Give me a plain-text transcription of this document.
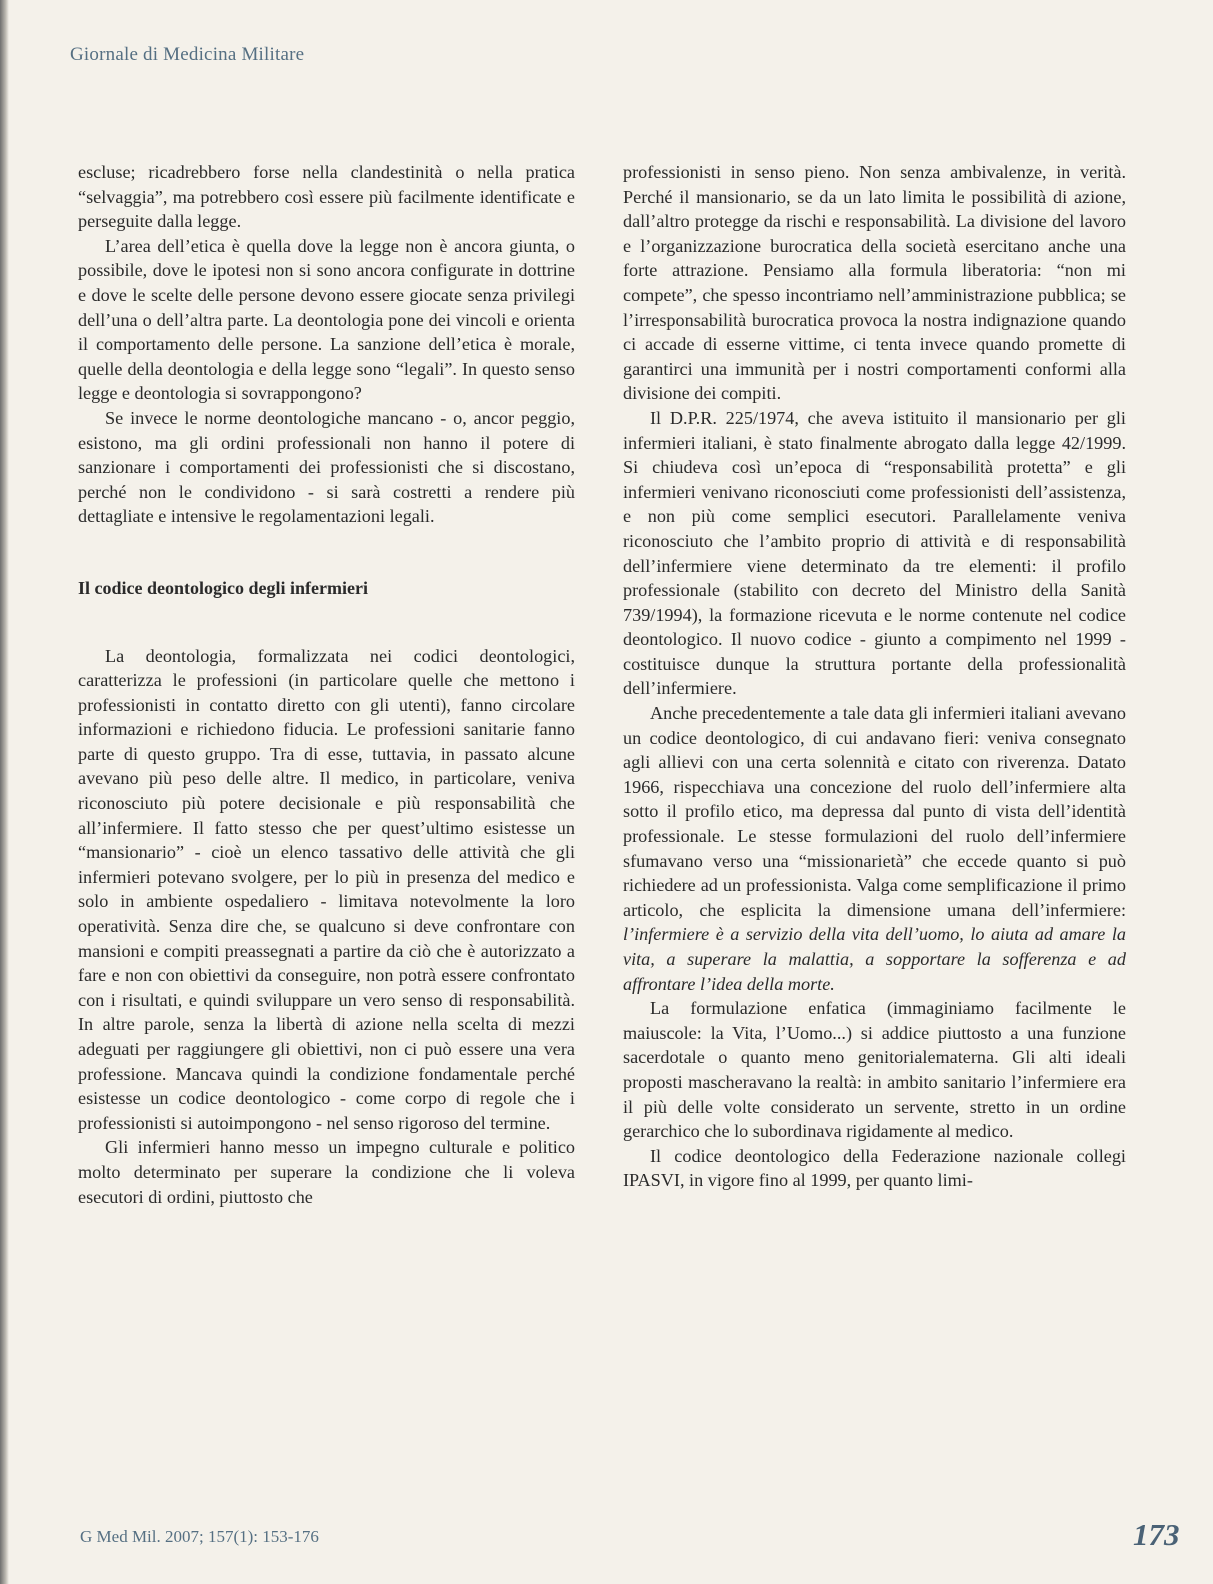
Giornale di Medicina Militare

escluse; ricadrebbero forse nella clandestinità o nella pratica “selvaggia”, ma potrebbero così essere più facilmente identificate e perseguite dalla legge.

L’area dell’etica è quella dove la legge non è ancora giunta, o possibile, dove le ipotesi non si sono ancora configurate in dottrine e dove le scelte delle persone devono essere giocate senza privilegi dell’una o dell’altra parte. La deontologia pone dei vincoli e orienta il comportamento delle persone. La sanzione dell’etica è morale, quelle della deontologia e della legge sono “legali”. In questo senso legge e deontologia si sovrappongono?

Se invece le norme deontologiche mancano - o, ancor peggio, esistono, ma gli ordini professionali non hanno il potere di sanzionare i comportamenti dei professionisti che si discostano, perché non le condividono - si sarà costretti a rendere più dettagliate e intensive le regolamentazioni legali.

Il codice deontologico degli infermieri

La deontologia, formalizzata nei codici deontologici, caratterizza le professioni (in particolare quelle che mettono i professionisti in contatto diretto con gli utenti), fanno circolare informazioni e richiedono fiducia. Le professioni sanitarie fanno parte di questo gruppo. Tra di esse, tuttavia, in passato alcune avevano più peso delle altre. Il medico, in particolare, veniva riconosciuto più potere decisionale e più responsabilità che all’infermiere. Il fatto stesso che per quest’ultimo esistesse un “mansionario” - cioè un elenco tassativo delle attività che gli infermieri potevano svolgere, per lo più in presenza del medico e solo in ambiente ospedaliero - limitava notevolmente la loro operatività. Senza dire che, se qualcuno si deve confrontare con mansioni e compiti preassegnati a partire da ciò che è autorizzato a fare e non con obiettivi da conseguire, non potrà essere confrontato con i risultati, e quindi sviluppare un vero senso di responsabilità. In altre parole, senza la libertà di azione nella scelta di mezzi adeguati per raggiungere gli obiettivi, non ci può essere una vera professione. Mancava quindi la condizione fondamentale perché esistesse un codice deontologico - come corpo di regole che i professionisti si autoimpongono - nel senso rigoroso del termine.

Gli infermieri hanno messo un impegno culturale e politico molto determinato per superare la condizione che li voleva esecutori di ordini, piuttosto che

professionisti in senso pieno. Non senza ambivalenze, in verità. Perché il mansionario, se da un lato limita le possibilità di azione, dall’altro protegge da rischi e responsabilità. La divisione del lavoro e l’organizzazione burocratica della società esercitano anche una forte attrazione. Pensiamo alla formula liberatoria: “non mi compete”, che spesso incontriamo nell’amministrazione pubblica; se l’irresponsabilità burocratica provoca la nostra indignazione quando ci accade di esserne vittime, ci tenta invece quando promette di garantirci una immunità per i nostri comportamenti conformi alla divisione dei compiti.

Il D.P.R. 225/1974, che aveva istituito il mansionario per gli infermieri italiani, è stato finalmente abrogato dalla legge 42/1999. Si chiudeva così un’epoca di “responsabilità protetta” e gli infermieri venivano riconosciuti come professionisti dell’assistenza, e non più come semplici esecutori. Parallelamente veniva riconosciuto che l’ambito proprio di attività e di responsabilità dell’infermiere viene determinato da tre elementi: il profilo professionale (stabilito con decreto del Ministro della Sanità 739/1994), la formazione ricevuta e le norme contenute nel codice deontologico. Il nuovo codice - giunto a compimento nel 1999 - costituisce dunque la struttura portante della professionalità dell’infermiere.

Anche precedentemente a tale data gli infermieri italiani avevano un codice deontologico, di cui andavano fieri: veniva consegnato agli allievi con una certa solennità e citato con riverenza. Datato 1966, rispecchiava una concezione del ruolo dell’infermiere alta sotto il profilo etico, ma depressa dal punto di vista dell’identità professionale. Le stesse formulazioni del ruolo dell’infermiere sfumavano verso una “missionarietà” che eccede quanto si può richiedere ad un professionista. Valga come semplificazione il primo articolo, che esplicita la dimensione umana dell’infermiere: l’infermiere è a servizio della vita dell’uomo, lo aiuta ad amare la vita, a superare la malattia, a sopportare la sofferenza e ad affrontare l’idea della morte.

La formulazione enfatica (immaginiamo facilmente le maiuscole: la Vita, l’Uomo...) si addice piuttosto a una funzione sacerdotale o quanto meno genitorialematerna. Gli alti ideali proposti mascheravano la realtà: in ambito sanitario l’infermiere era il più delle volte considerato un servente, stretto in un ordine gerarchico che lo subordinava rigidamente al medico.

Il codice deontologico della Federazione nazionale collegi IPASVI, in vigore fino al 1999, per quanto limi-

G Med Mil. 2007; 157(1): 153-176	173
